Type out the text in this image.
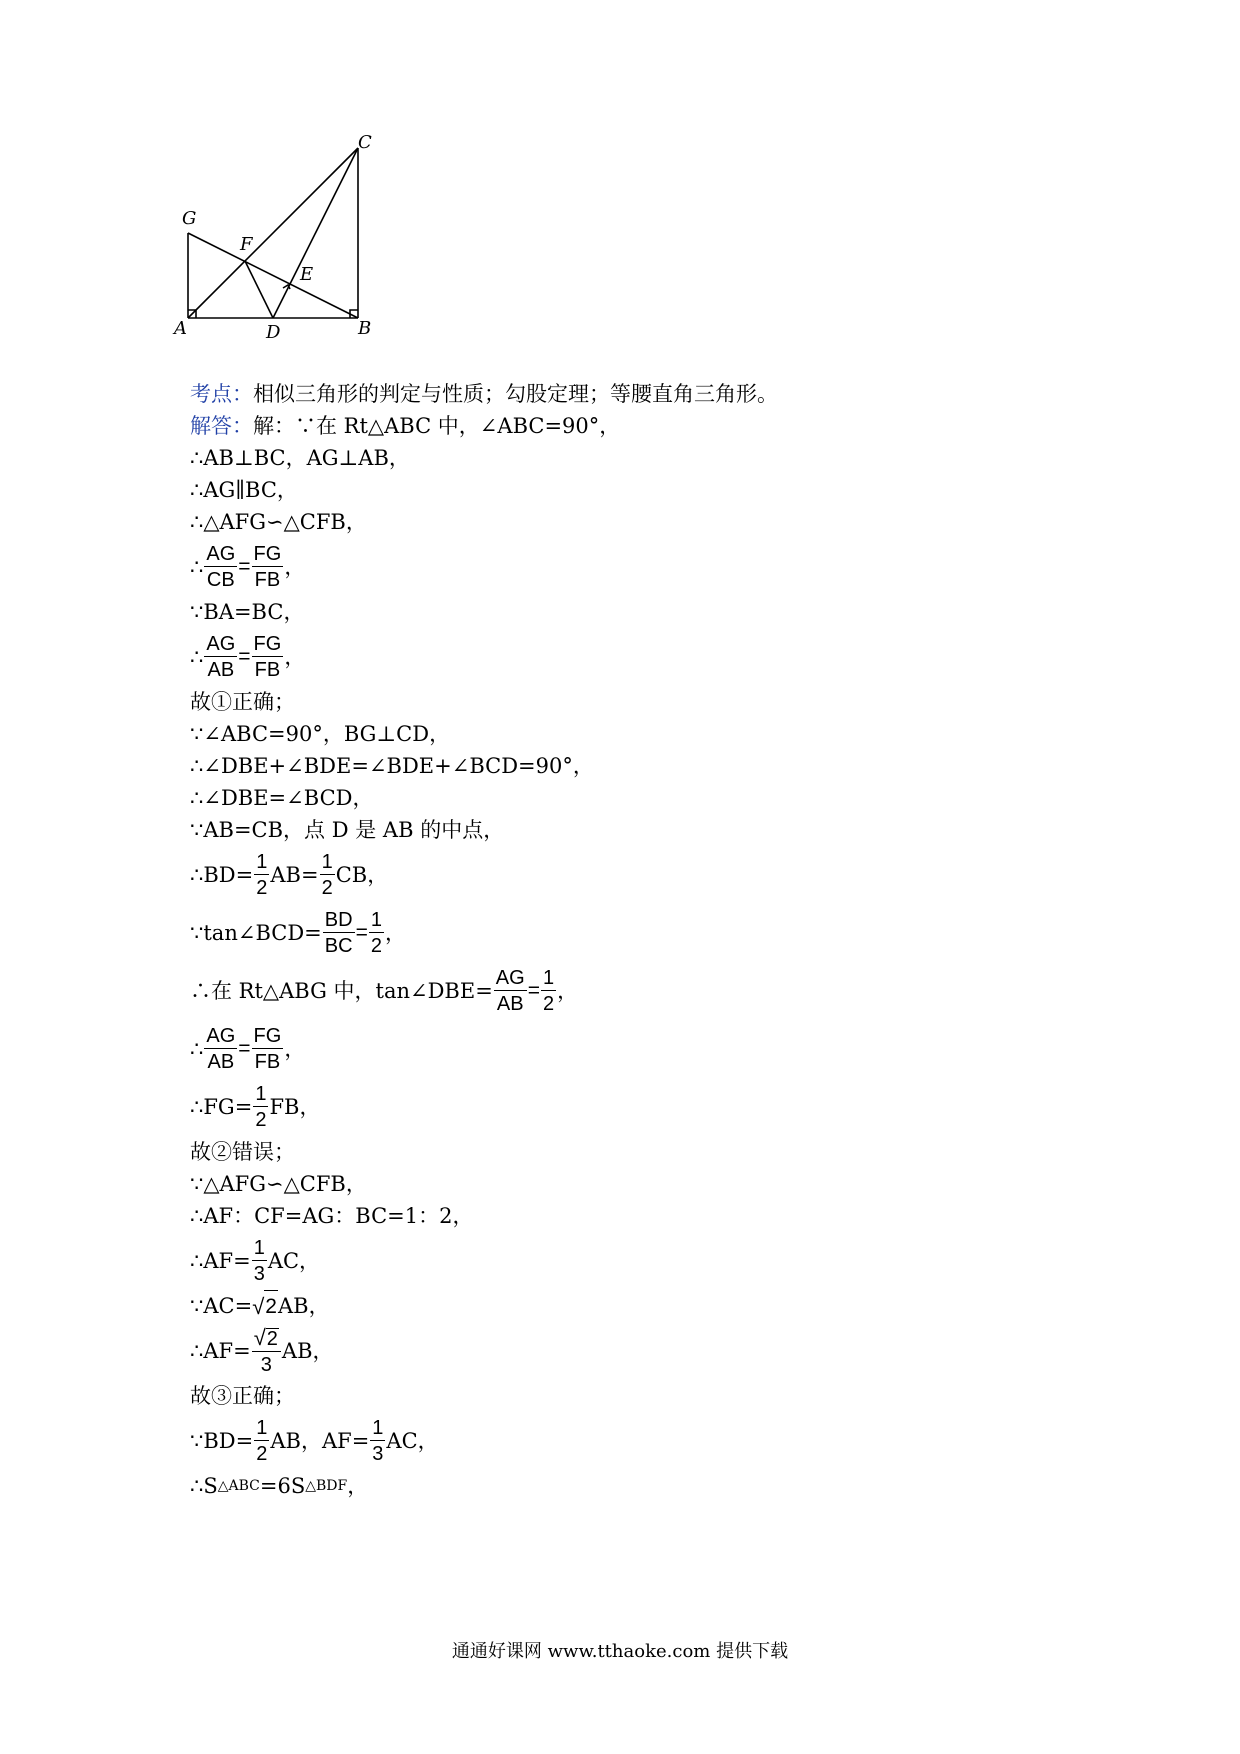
G
F
E
C
A	D	B
考点： 相似三角形的判定与性质；勾股定理；等腰直角三角形。
解答： 解：∵在 Rt△ABC 中，∠ABC=90°，
∴AB⊥BC，AG⊥AB，
∴AG∥BC，
∴△AFG∽△CFB，
∴ $\frac{AG}{CB} = \frac{FG}{FB}$ ，
∵BA=BC，
∴ $\frac{AG}{AB} = \frac{FG}{FB}$ ，
故①正确；
∵∠ABC=90°，BG⊥CD，
∴∠DBE+∠BDE=∠BDE+∠BCD=90°，
∴∠DBE=∠BCD，
∵AB=CB，点 D 是 AB 的中点，
∴BD= $\frac{1}{2} AB= \frac{1}{2}$ CB，
∵tan∠BCD= $\frac{BD}{BC} = \frac{1}{2}$ ，
∴在 Rt△ABG 中，tan∠DBE= $\frac{AG}{AB} = \frac{1}{2}$ ，
∴ $\frac{AG}{AB} = \frac{FG}{FB}$ ，
∴FG= $\frac{1}{2}$ FB，
故②错误；
∵△AFG∽△CFB，
∴AF：CF=AG：BC=1：2，
∴AF= $\frac{1}{3}$ AC，
∵AC= √ 2 AB，
∴AF= $\frac{√ 2}{3}$ AB，
故③正确；
∵BD= $\frac{1}{2}$ AB，$AF= \frac{1}{3}$ AC，
∴S △ABC =6S △BDF ，
通通好课网 www.tthaoke.com 提供下载
